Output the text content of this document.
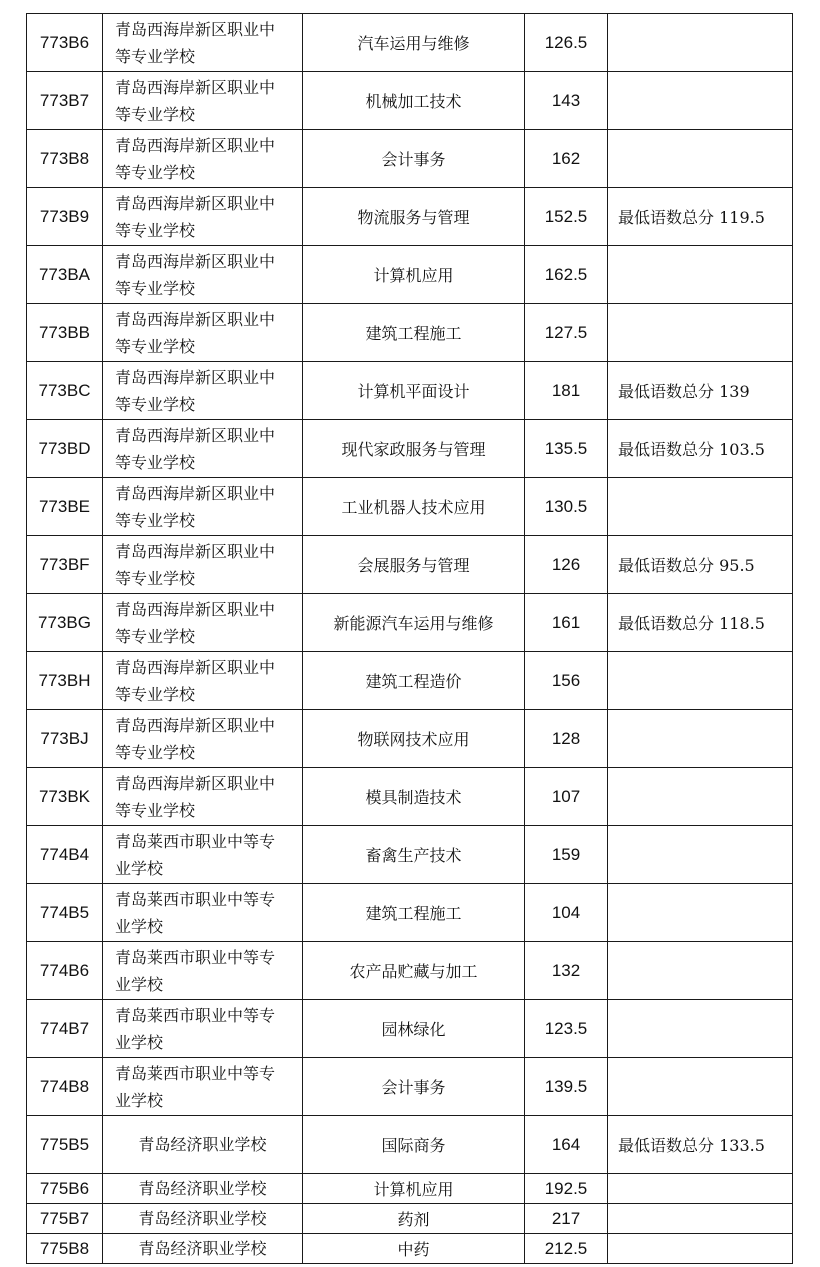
773B6	青岛西海岸新区职业中等专业学校	汽车运用与维修	126.5	
773B7	青岛西海岸新区职业中等专业学校	机械加工技术	143	
773B8	青岛西海岸新区职业中等专业学校	会计事务	162	
773B9	青岛西海岸新区职业中等专业学校	物流服务与管理	152.5	最低语数总分 119.5
773BA	青岛西海岸新区职业中等专业学校	计算机应用	162.5	
773BB	青岛西海岸新区职业中等专业学校	建筑工程施工	127.5	
773BC	青岛西海岸新区职业中等专业学校	计算机平面设计	181	最低语数总分 139
773BD	青岛西海岸新区职业中等专业学校	现代家政服务与管理	135.5	最低语数总分 103.5
773BE	青岛西海岸新区职业中等专业学校	工业机器人技术应用	130.5	
773BF	青岛西海岸新区职业中等专业学校	会展服务与管理	126	最低语数总分 95.5
773BG	青岛西海岸新区职业中等专业学校	新能源汽车运用与维修	161	最低语数总分 118.5
773BH	青岛西海岸新区职业中等专业学校	建筑工程造价	156	
773BJ	青岛西海岸新区职业中等专业学校	物联网技术应用	128	
773BK	青岛西海岸新区职业中等专业学校	模具制造技术	107	
774B4	青岛莱西市职业中等专业学校	畜禽生产技术	159	
774B5	青岛莱西市职业中等专业学校	建筑工程施工	104	
774B6	青岛莱西市职业中等专业学校	农产品贮藏与加工	132	
774B7	青岛莱西市职业中等专业学校	园林绿化	123.5	
774B8	青岛莱西市职业中等专业学校	会计事务	139.5	
775B5	青岛经济职业学校	国际商务	164	最低语数总分 133.5
775B6	青岛经济职业学校	计算机应用	192.5	
775B7	青岛经济职业学校	药剂	217	
775B8	青岛经济职业学校	中药	212.5	
